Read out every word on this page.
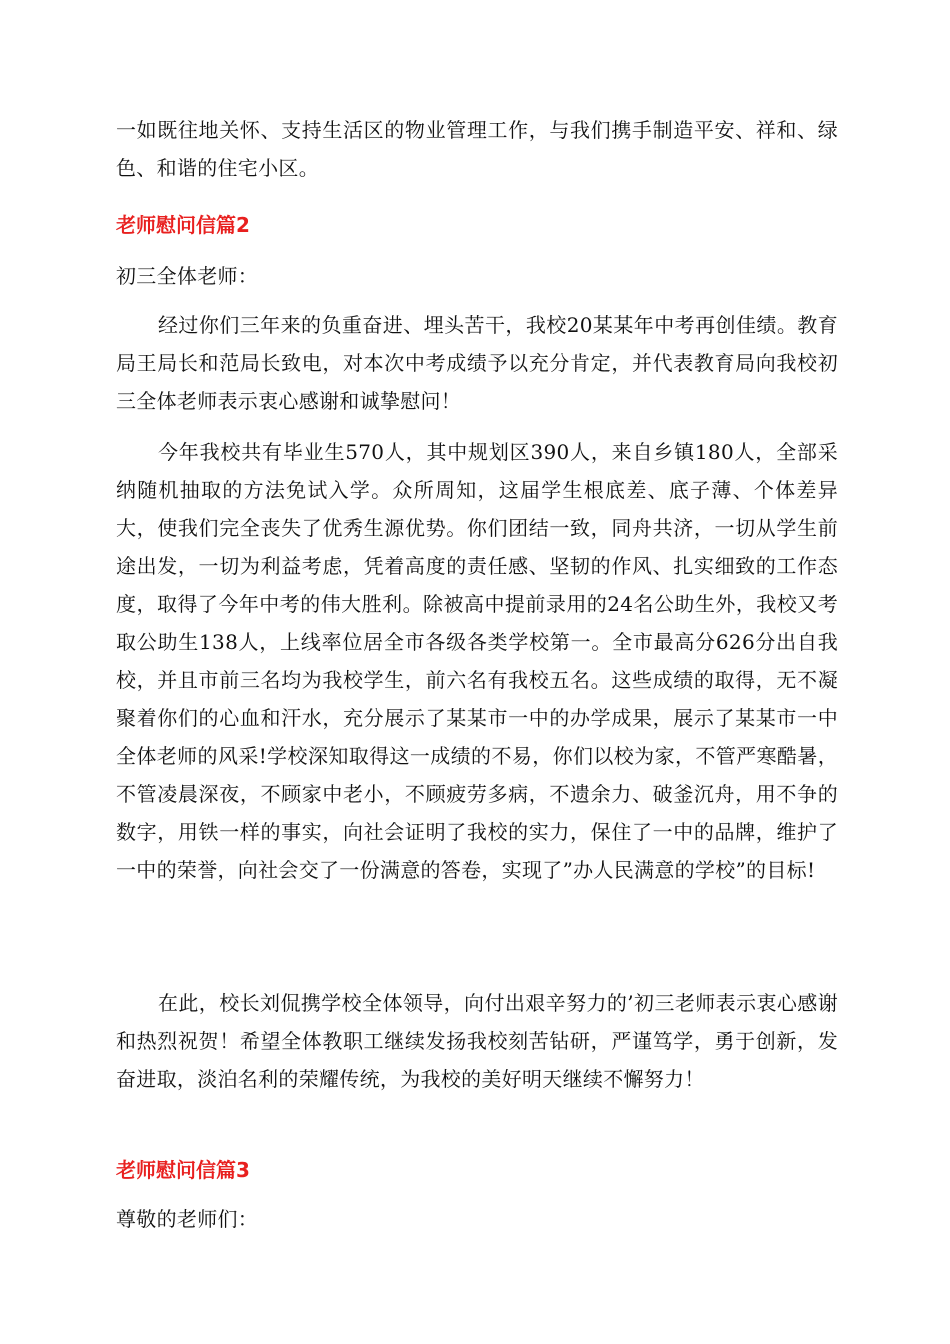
一如既往地关怀、支持生活区的物业管理工作，与我们携手制造平安、祥和、绿色、和谐的住宅小区。

老师慰问信篇2

初三全体老师：

经过你们三年来的负重奋进、埋头苦干，我校20某某年中考再创佳绩。教育局王局长和范局长致电，对本次中考成绩予以充分肯定，并代表教育局向我校初三全体老师表示衷心感谢和诚挚慰问！

今年我校共有毕业生570人，其中规划区390人，来自乡镇180人，全部采纳随机抽取的方法免试入学。众所周知，这届学生根底差、底子薄、个体差异大，使我们完全丧失了优秀生源优势。你们团结一致，同舟共济，一切从学生前途出发，一切为利益考虑，凭着高度的责任感、坚韧的作风、扎实细致的工作态度，取得了今年中考的伟大胜利。除被高中提前录用的24名公助生外，我校又考取公助生138人，上线率位居全市各级各类学校第一。全市最高分626分出自我校，并且市前三名均为我校学生，前六名有我校五名。这些成绩的取得，无不凝聚着你们的心血和汗水，充分展示了某某市一中的办学成果，展示了某某市一中全体老师的风采!学校深知取得这一成绩的不易，你们以校为家，不管严寒酷暑，不管凌晨深夜，不顾家中老小，不顾疲劳多病，不遗余力、破釜沉舟，用不争的数字，用铁一样的事实，向社会证明了我校的实力，保住了一中的品牌，维护了一中的荣誉，向社会交了一份满意的答卷，实现了”办人民满意的学校”的目标!

在此，校长刘侃携学校全体领导，向付出艰辛努力的’初三老师表示衷心感谢和热烈祝贺！希望全体教职工继续发扬我校刻苦钻研，严谨笃学，勇于创新，发奋进取，淡泊名利的荣耀传统，为我校的美好明天继续不懈努力！

老师慰问信篇3

尊敬的老师们：
